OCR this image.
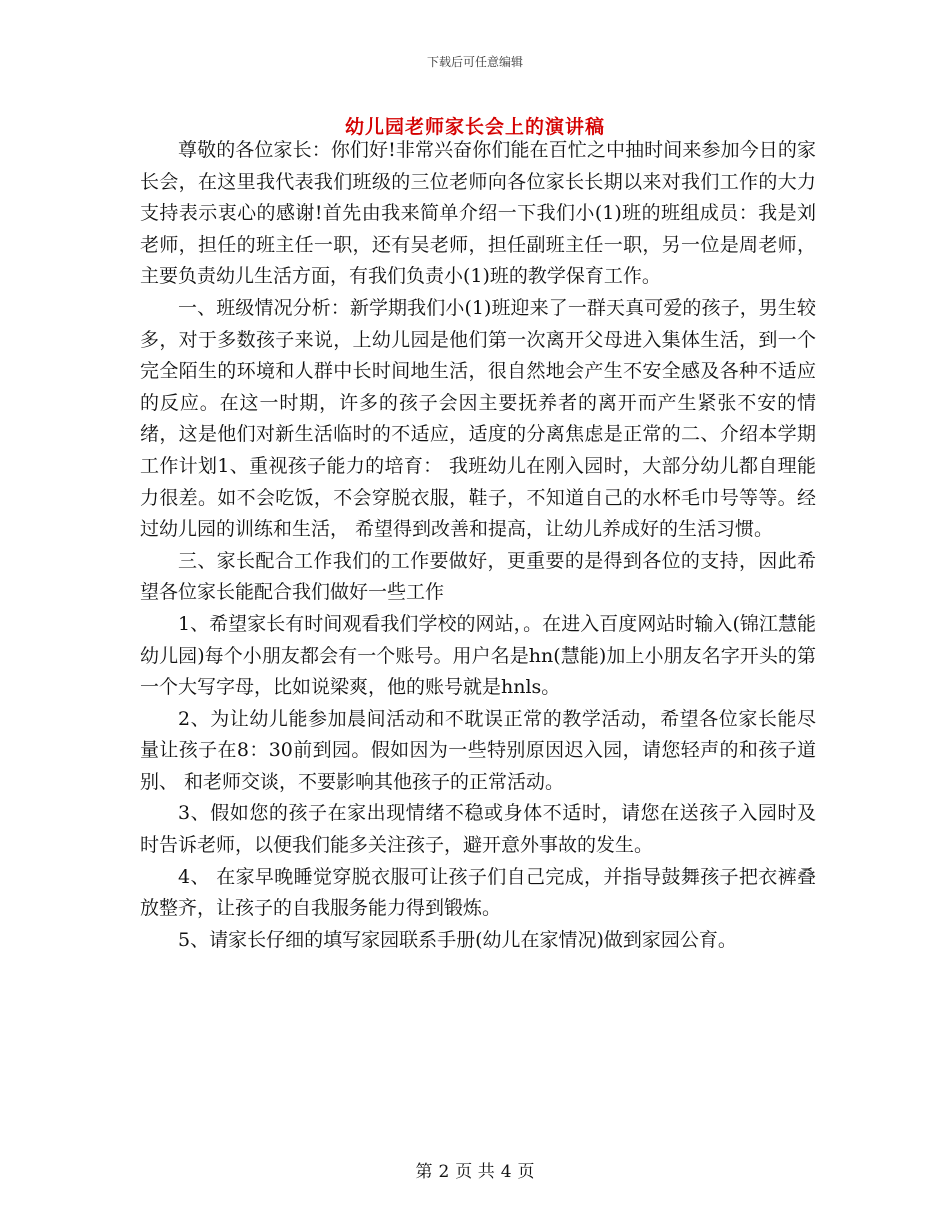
下载后可任意编辑
幼儿园老师家长会上的演讲稿

尊敬的各位家长：你们好!非常兴奋你们能在百忙之中抽时间来参加今日的家长会，在这里我代表我们班级的三位老师向各位家长长期以来对我们工作的大力支持表示衷心的感谢!首先由我来简单介绍一下我们小(1)班的班组成员：我是刘老师，担任的班主任一职，还有吴老师，担任副班主任一职，另一位是周老师，主要负责幼儿生活方面，有我们负责小(1)班的教学保育工作。

一、班级情况分析：新学期我们小(1)班迎来了一群天真可爱的孩子，男生较多，对于多数孩子来说，上幼儿园是他们第一次离开父母进入集体生活，到一个完全陌生的环境和人群中长时间地生活，很自然地会产生不安全感及各种不适应的反应。在这一时期，许多的孩子会因主要抚养者的离开而产生紧张不安的情绪，这是他们对新生活临时的不适应，适度的分离焦虑是正常的二、介绍本学期工作计划1、重视孩子能力的培育： 我班幼儿在刚入园时，大部分幼儿都自理能力很差。如不会吃饭，不会穿脱衣服，鞋子，不知道自己的水杯毛巾号等等。经过幼儿园的训练和生活， 希望得到改善和提高，让幼儿养成好的生活习惯。

三、家长配合工作我们的工作要做好，更重要的是得到各位的支持，因此希望各位家长能配合我们做好一些工作

1、希望家长有时间观看我们学校的网站，。在进入百度网站时输入(锦江慧能幼儿园)每个小朋友都会有一个账号。用户名是hn(慧能)加上小朋友名字开头的第一个大写字母，比如说梁爽，他的账号就是hnls。

2、为让幼儿能参加晨间活动和不耽误正常的教学活动，希望各位家长能尽量让孩子在8：30前到园。假如因为一些特别原因迟入园，请您轻声的和孩子道别、 和老师交谈，不要影响其他孩子的正常活动。

3、假如您的孩子在家出现情绪不稳或身体不适时，请您在送孩子入园时及时告诉老师，以便我们能多关注孩子，避开意外事故的发生。

4、 在家早晚睡觉穿脱衣服可让孩子们自己完成，并指导鼓舞孩子把衣裤叠放整齐，让孩子的自我服务能力得到锻炼。

5、请家长仔细的填写家园联系手册(幼儿在家情况)做到家园公育。

第 2 页 共 4 页
